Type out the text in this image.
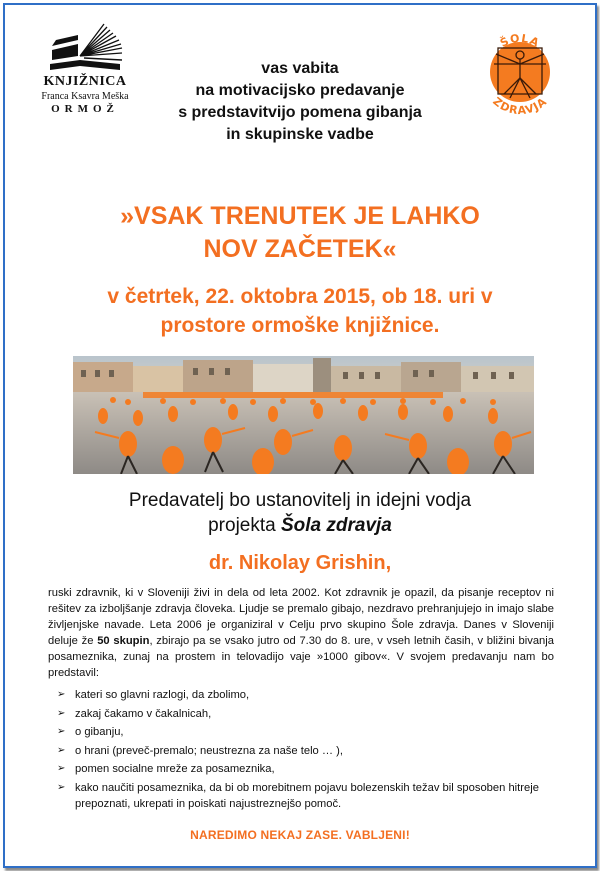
KNJIŽNICA
Franca Ksavra Meška
ORMOŽ
ŠOLA
ZDRAVJA
vas vabita
na motivacijsko predavanje
s predstavitvijo pomena gibanja
in skupinske vadbe
»VSAK TRENUTEK JE LAHKO
NOV ZAČETEK«
v četrtek, 22. oktobra 2015, ob 18. uri v
prostore ormoške knjižnice.
Predavatelj bo ustanovitelj in idejni vodja
projekta Šola zdravja
dr. Nikolay Grishin,
ruski zdravnik, ki v Sloveniji živi in dela od leta 2002. Kot zdravnik je opazil, da pisanje receptov ni rešitev za izboljšanje zdravja človeka. Ljudje se premalo gibajo, nezdravo prehranjujejo in imajo slabe življenjske navade. Leta 2006 je organiziral v Celju prvo skupino Šole zdravja. Danes v Sloveniji deluje že 50 skupin, zbirajo pa se vsako jutro od 7.30 do 8. ure, v vseh letnih časih, v bližini bivanja posameznika, zunaj na prostem in telovadijo vaje »1000 gibov«. V svojem predavanju nam bo predstavil:
➢ kateri so glavni razlogi, da zbolimo,
➢ zakaj čakamo v čakalnicah,
➢ o gibanju,
➢ o hrani (preveč-premalo; neustrezna za naše telo … ),
➢ pomen socialne mreže za posameznika,
➢ kako naučiti posameznika, da bi ob morebitnem pojavu bolezenskih težav bil sposoben hitreje prepoznati, ukrepati in poiskati najustreznejšo pomoč.
NAREDIMO NEKAJ ZASE. VABLJENI!
